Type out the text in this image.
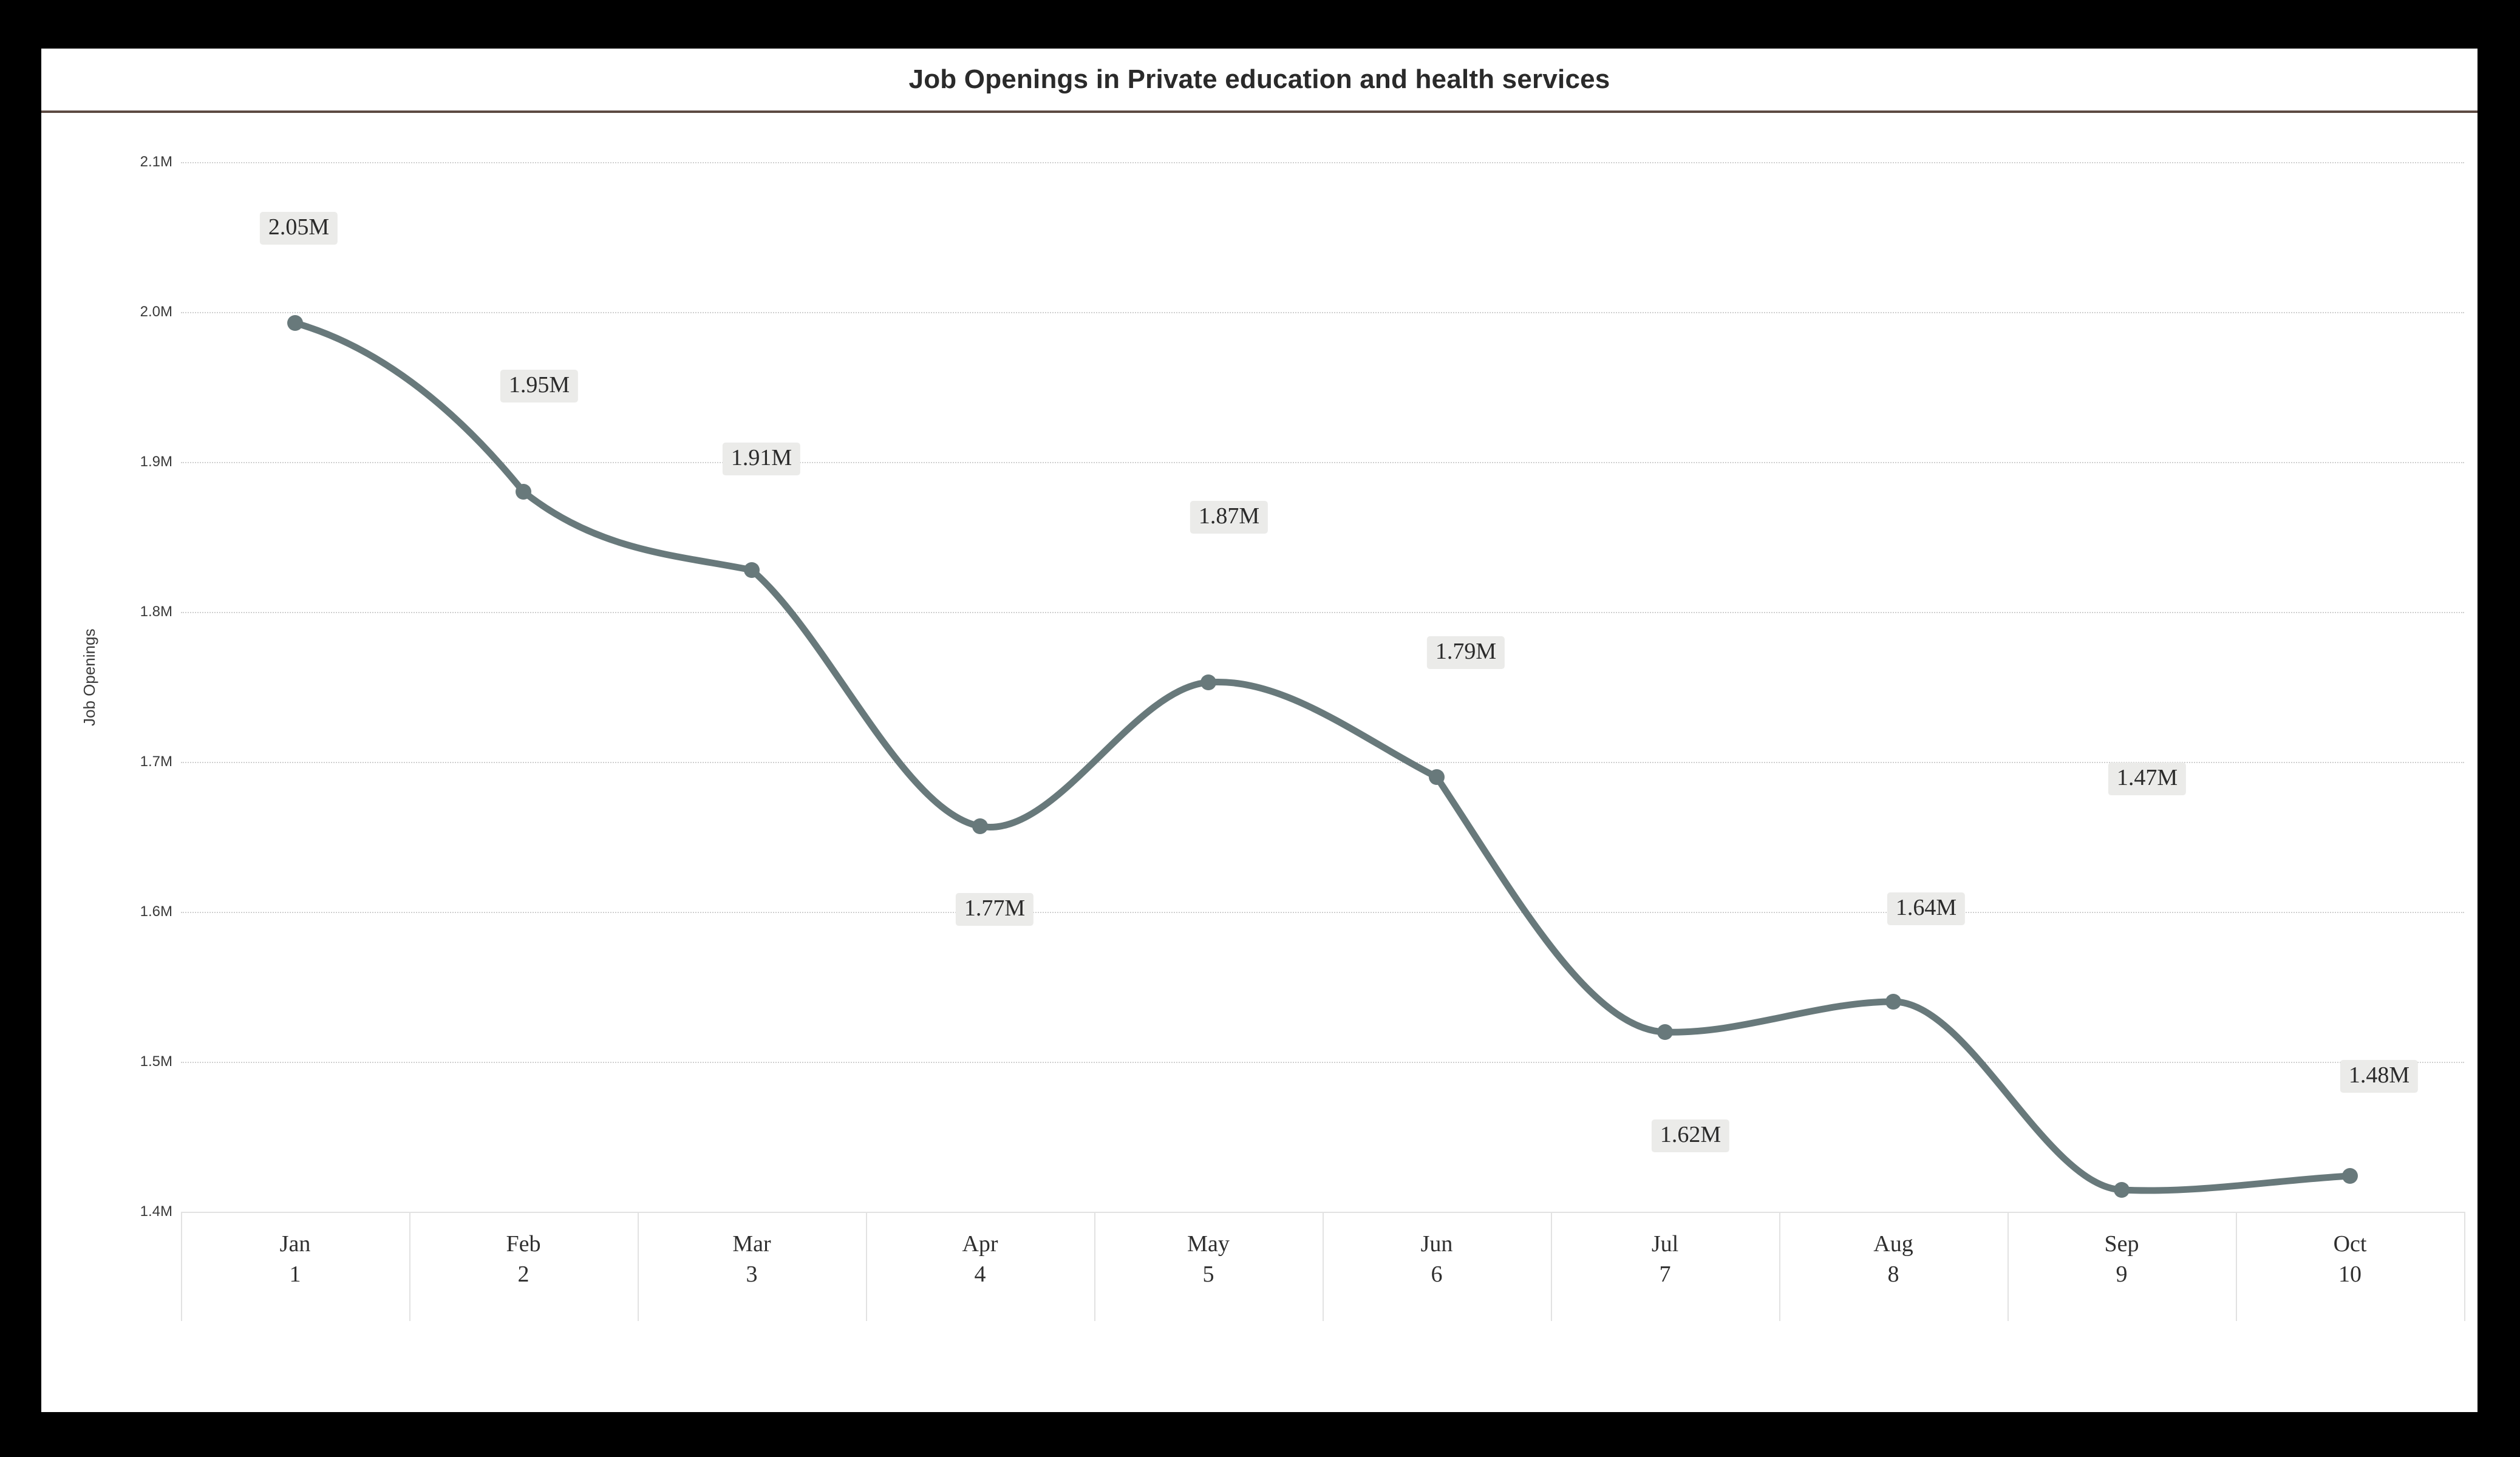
Job Openings in Private education and health services
Job Openings
1.4M
1.5M
1.6M
1.7M
1.8M
1.9M
2.0M
2.1M
Jan
1
Feb
2
Mar
3
Apr
4
May
5
Jun
6
Jul
7
Aug
8
Sep
9
Oct
10
2.05M
1.95M
1.91M
1.77M
1.87M
1.79M
1.62M
1.64M
1.47M
1.48M
